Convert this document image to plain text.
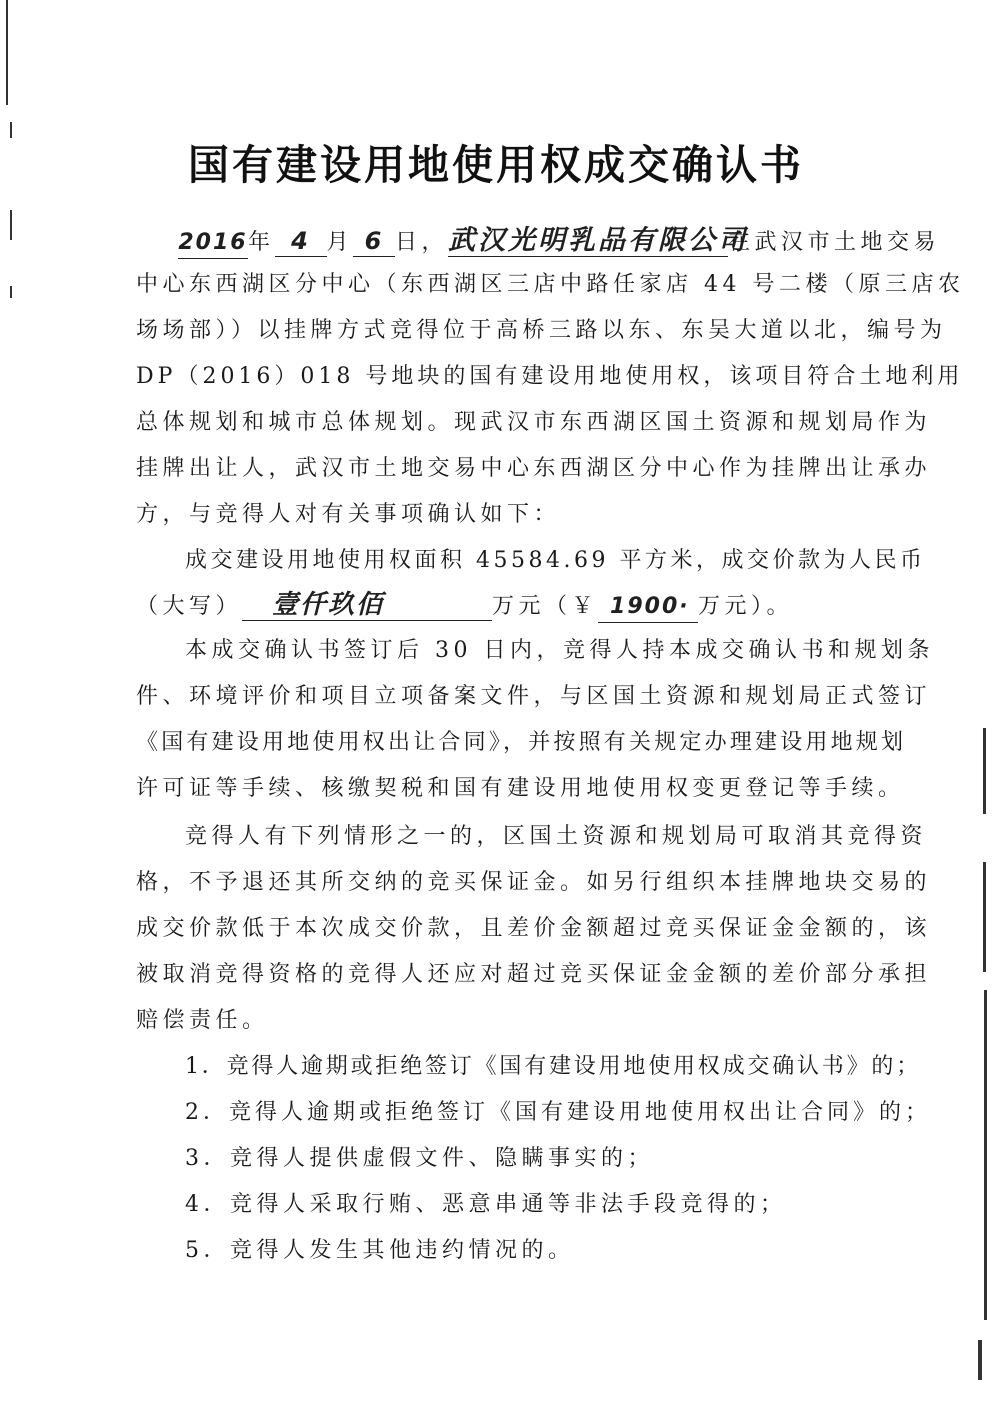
国有建设用地使用权成交确认书
2016年 4 月 6 日，武汉光明乳品有限公司在武汉市土地交易
中心东西湖区分中心（东西湖区三店中路任家店 44 号二楼（原三店农
场场部））以挂牌方式竞得位于高桥三路以东、东吴大道以北，编号为
DP（2016）018 号地块的国有建设用地使用权，该项目符合土地利用
总体规划和城市总体规划。现武汉市东西湖区国土资源和规划局作为
挂牌出让人，武汉市土地交易中心东西湖区分中心作为挂牌出让承办
方，与竞得人对有关事项确认如下：
成交建设用地使用权面积 45584.69 平方米，成交价款为人民币
（大写） 壹仟玖佰	万元（￥ 1900· 万元）。
本成交确认书签订后 30 日内，竞得人持本成交确认书和规划条
件、环境评价和项目立项备案文件，与区国土资源和规划局正式签订
《国有建设用地使用权出让合同》，并按照有关规定办理建设用地规划
许可证等手续、核缴契税和国有建设用地使用权变更登记等手续。
竞得人有下列情形之一的，区国土资源和规划局可取消其竞得资
格，不予退还其所交纳的竞买保证金。如另行组织本挂牌地块交易的
成交价款低于本次成交价款，且差价金额超过竞买保证金金额的，该
被取消竞得资格的竞得人还应对超过竞买保证金金额的差价部分承担
赔偿责任。
1．竞得人逾期或拒绝签订《国有建设用地使用权成交确认书》的；
2．竞得人逾期或拒绝签订《国有建设用地使用权出让合同》的；
3．竞得人提供虚假文件、隐瞒事实的；
4．竞得人采取行贿、恶意串通等非法手段竞得的；
5．竞得人发生其他违约情况的。
